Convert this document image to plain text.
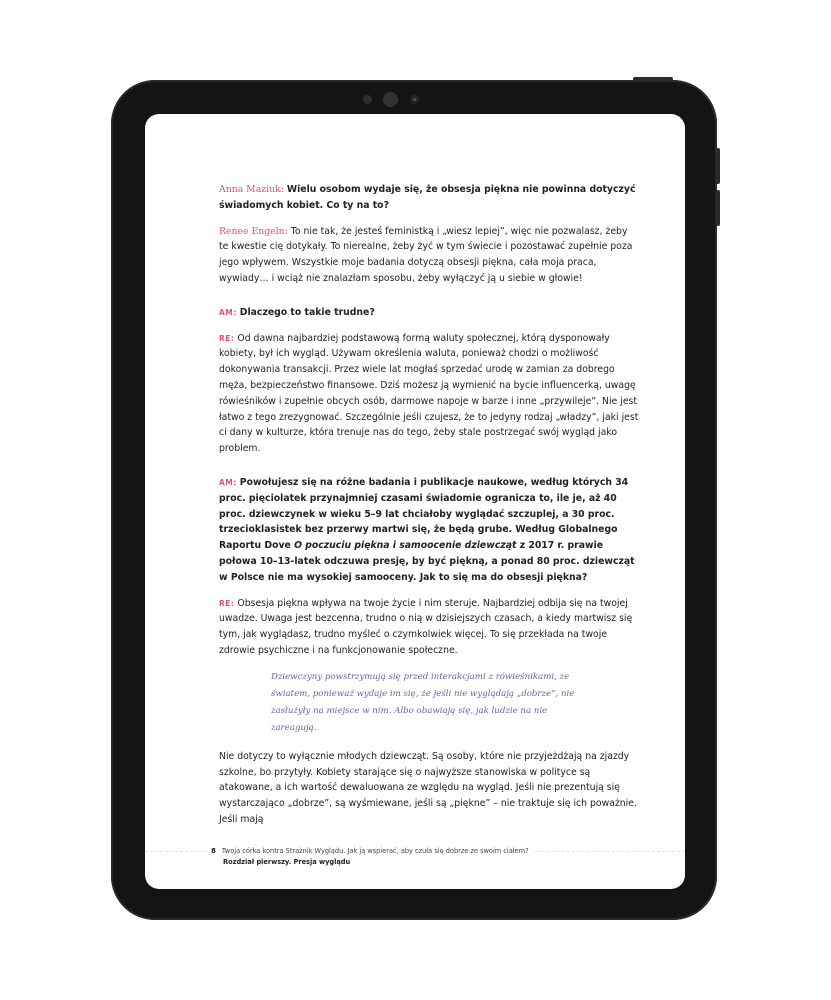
Anna Maziuk: Wielu osobom wydaje się, że obsesja piękna nie powinna dotyczyć świadomych kobiet. Co ty na to?

Renee Engeln: To nie tak, że jesteś feministką i „wiesz lepiej”, więc nie pozwalasz, żeby te kwestie cię dotykały. To nierealne, żeby żyć w tym świecie i pozostawać zupełnie poza jego wpływem. Wszystkie moje badania dotyczą obsesji piękna, cała moja praca, wywiady… i wciąż nie znalazłam sposobu, żeby wyłączyć ją u siebie w głowie!

AM: Dlaczego to takie trudne?

RE: Od dawna najbardziej podstawową formą waluty społecznej, którą dysponowały kobiety, był ich wygląd. Używam określenia waluta, ponieważ chodzi o możliwość dokonywania transakcji. Przez wiele lat mogłaś sprzedać urodę w zamian za dobrego męża, bezpieczeństwo finansowe. Dziś możesz ją wymienić na bycie influencerką, uwagę rówieśników i zupełnie obcych osób, darmowe napoje w barze i inne „przywileje”. Nie jest łatwo z tego zrezygnować. Szczególnie jeśli czujesz, że to jedyny rodzaj „władzy”, jaki jest ci dany w kulturze, która trenuje nas do tego, żeby stale postrzegać swój wygląd jako problem.

AM: Powołujesz się na różne badania i publikacje naukowe, według których 34 proc. pięciolatek przynajmniej czasami świadomie ogranicza to, ile je, aż 40 proc. dziewczynek w wieku 5–9 lat chciałoby wyglądać szczuplej, a 30 proc. trzecioklasistek bez przerwy martwi się, że będą grube. Według Globalnego Raportu Dove O poczuciu piękna i samoocenie dziewcząt z 2017 r. prawie połowa 10–13-latek odczuwa presję, by być piękną, a ponad 80 proc. dziewcząt w Polsce nie ma wysokiej samooceny. Jak to się ma do obsesji piękna?

RE: Obsesja piękna wpływa na twoje życie i nim steruje. Najbardziej odbija się na twojej uwadze. Uwaga jest bezcenna, trudno o nią w dzisiejszych czasach, a kiedy martwisz się tym, jak wyglądasz, trudno myśleć o czymkolwiek więcej. To się przekłada na twoje zdrowie psychiczne i na funkcjonowanie społeczne.

Dziewczyny powstrzymują się przed interakcjami z rówieśnikami, ze światem, ponieważ wydaje im się, że jeśli nie wyglądają „dobrze”, nie zasłużyły na miejsce w nim. Albo obawiają się, jak ludzie na nie zareagują.

Nie dotyczy to wyłącznie młodych dziewcząt. Są osoby, które nie przyjeżdżają na zjazdy szkolne, bo przytyły. Kobiety starające się o najwyższe stanowiska w polityce są atakowane, a ich wartość dewaluowana ze względu na wygląd. Jeśli nie prezentują się wystarczająco „dobrze”, są wyśmiewane, jeśli są „piękne” – nie traktuje się ich poważnie. Jeśli mają

8 Twoja córka kontra Strażnik Wyglądu. Jak ją wspierać, aby czuła się dobrze ze swoim ciałem?
Rozdział pierwszy. Presja wyglądu
